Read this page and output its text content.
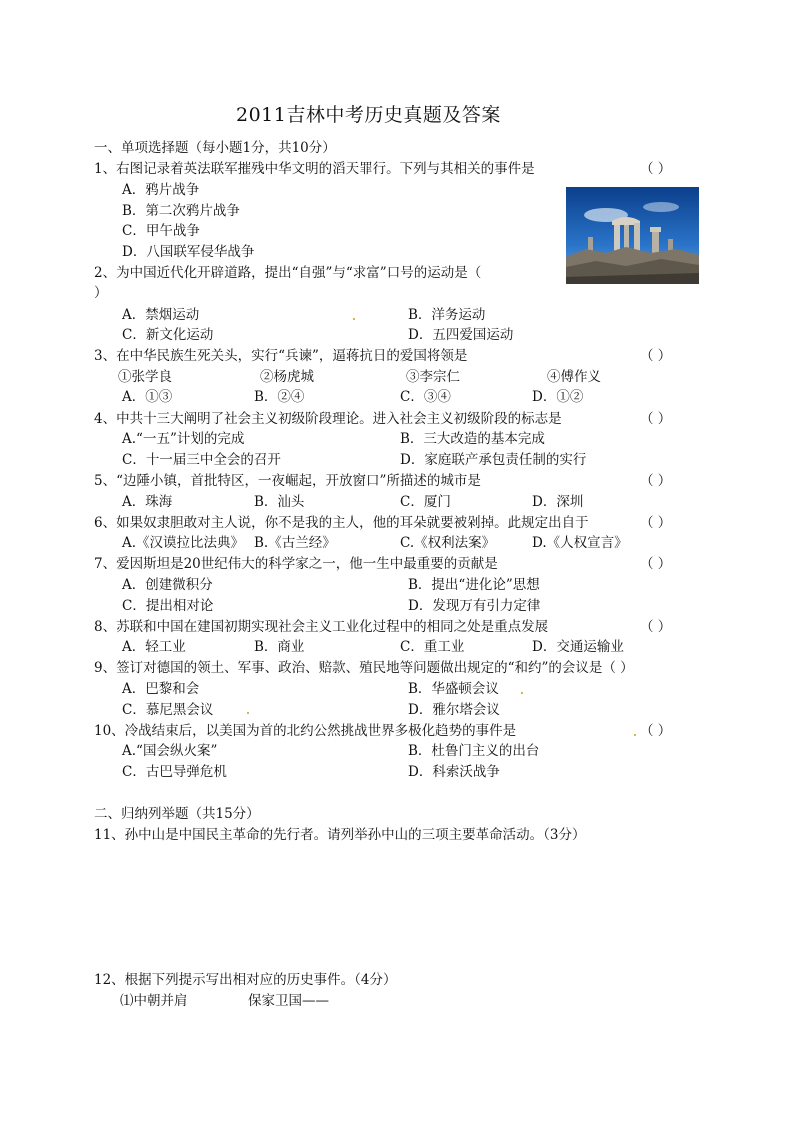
2011吉林中考历史真题及答案
一、单项选择题（每小题1分，共10分）
1、右图记录着英法联军摧残中华文明的滔天罪行。下列与其相关的事件是	（ ）
A．鸦片战争
B．第二次鸦片战争
C．甲午战争
D．八国联军侵华战争
2、为中国近代化开辟道路，提出“自强”与“求富”口号的运动是（
）
A．禁烟运动	B．洋务运动
C．新文化运动	D．五四爱国运动
3、在中华民族生死关头，实行“兵谏”，逼蒋抗日的爱国将领是	（ ）
①张学良	②杨虎城	③李宗仁	④傅作义
A．①③	B．②④	C．③④	D．①②
4、中共十三大阐明了社会主义初级阶段理论。进入社会主义初级阶段的标志是	（ ）
A.“一五”计划的完成	B．三大改造的基本完成
C．十一届三中全会的召开	D．家庭联产承包责任制的实行
5、“边陲小镇，首批特区，一夜崛起，开放窗口”所描述的城市是	（ ）
A．珠海	B．汕头	C．厦门	D．深圳
6、如果奴隶胆敢对主人说，你不是我的主人，他的耳朵就要被剁掉。此规定出自于	（ ）
A.《汉谟拉比法典》 B.《古兰经》	C.《权利法案》	D.《人权宣言》
7、爱因斯坦是20世纪伟大的科学家之一，他一生中最重要的贡献是	（ ）
A．创建微积分	B．提出“进化论”思想
C．提出相对论	D．发现万有引力定律
8、苏联和中国在建国初期实现社会主义工业化过程中的相同之处是重点发展	（ ）
A．轻工业	B．商业	C．重工业	D．交通运输业
9、签订对德国的领土、军事、政治、赔款、殖民地等问题做出规定的“和约”的会议是（ ）
A．巴黎和会	B．华盛顿会议
C．慕尼黑会议	D．雅尔塔会议
10、冷战结束后，以美国为首的北约公然挑战世界多极化趋势的事件是	（ ）
A.“国会纵火案”	B．杜鲁门主义的出台
C．古巴导弹危机	D．科索沃战争
二、归纳列举题（共15分）
11、孙中山是中国民主革命的先行者。请列举孙中山的三项主要革命活动。（3分）
12、根据下列提示写出相对应的历史事件。（4分）
⑴中朝并肩	保家卫国——
